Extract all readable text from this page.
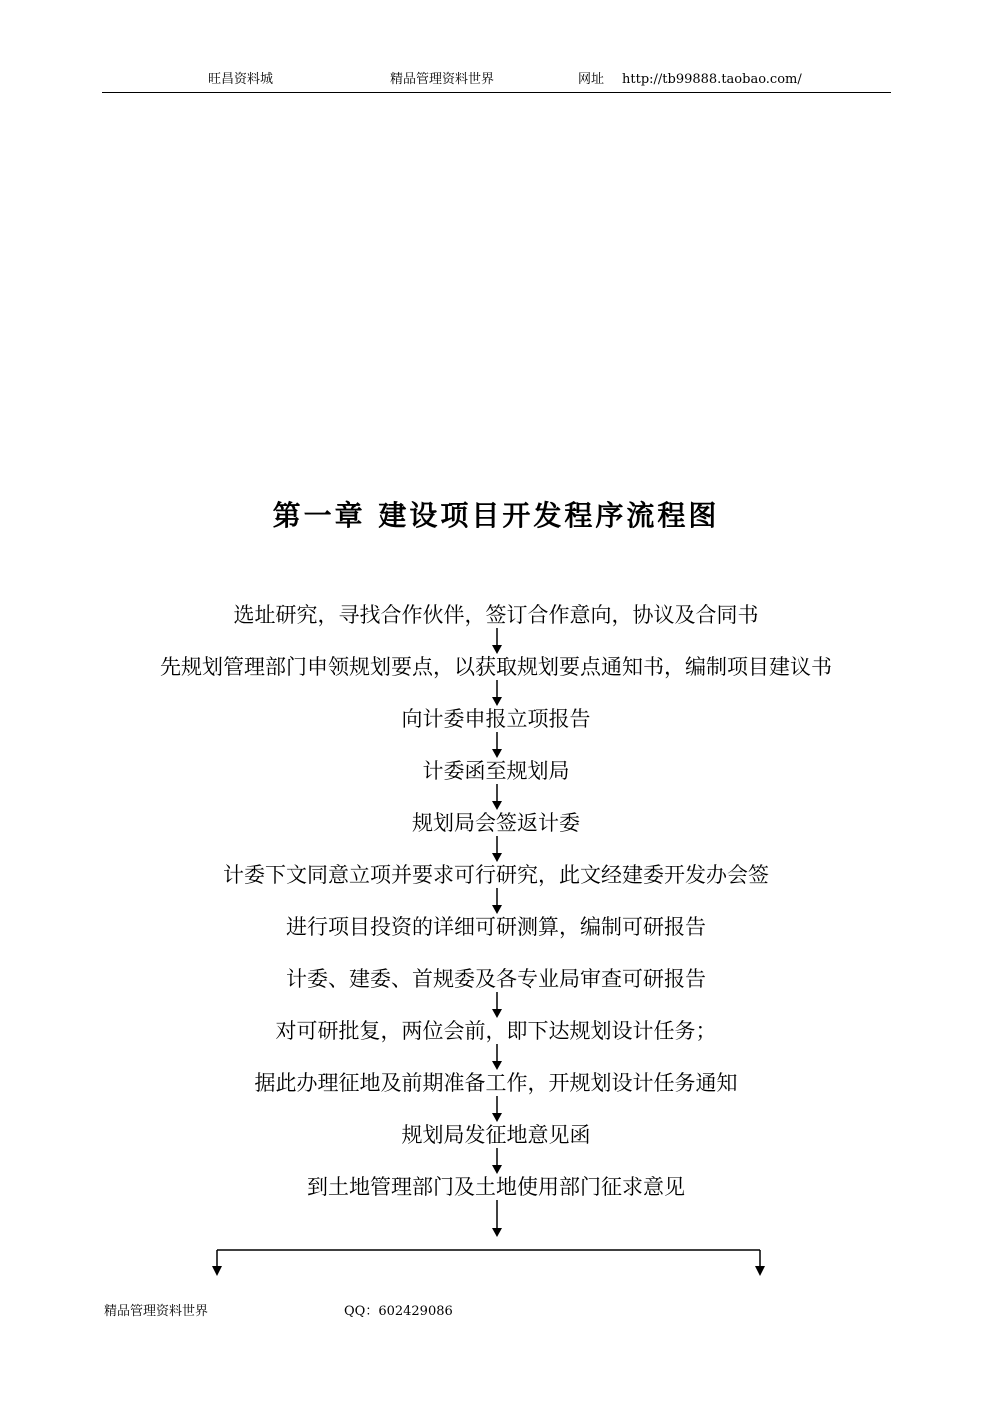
旺昌资料城	精品管理资料世界	网址 http://tb99888.taobao.com/
第一章 建设项目开发程序流程图
选址研究，寻找合作伙伴，签订合作意向，协议及合同书
先规划管理部门申领规划要点，以获取规划要点通知书，编制项目建议书
向计委申报立项报告
计委函至规划局
规划局会签返计委
计委下文同意立项并要求可行研究，此文经建委开发办会签
进行项目投资的详细可研测算，编制可研报告
计委、建委、首规委及各专业局审查可研报告
对可研批复，两位会前，即下达规划设计任务；
据此办理征地及前期准备工作，开规划设计任务通知
规划局发征地意见函
到土地管理部门及土地使用部门征求意见
精品管理资料世界	QQ：602429086
